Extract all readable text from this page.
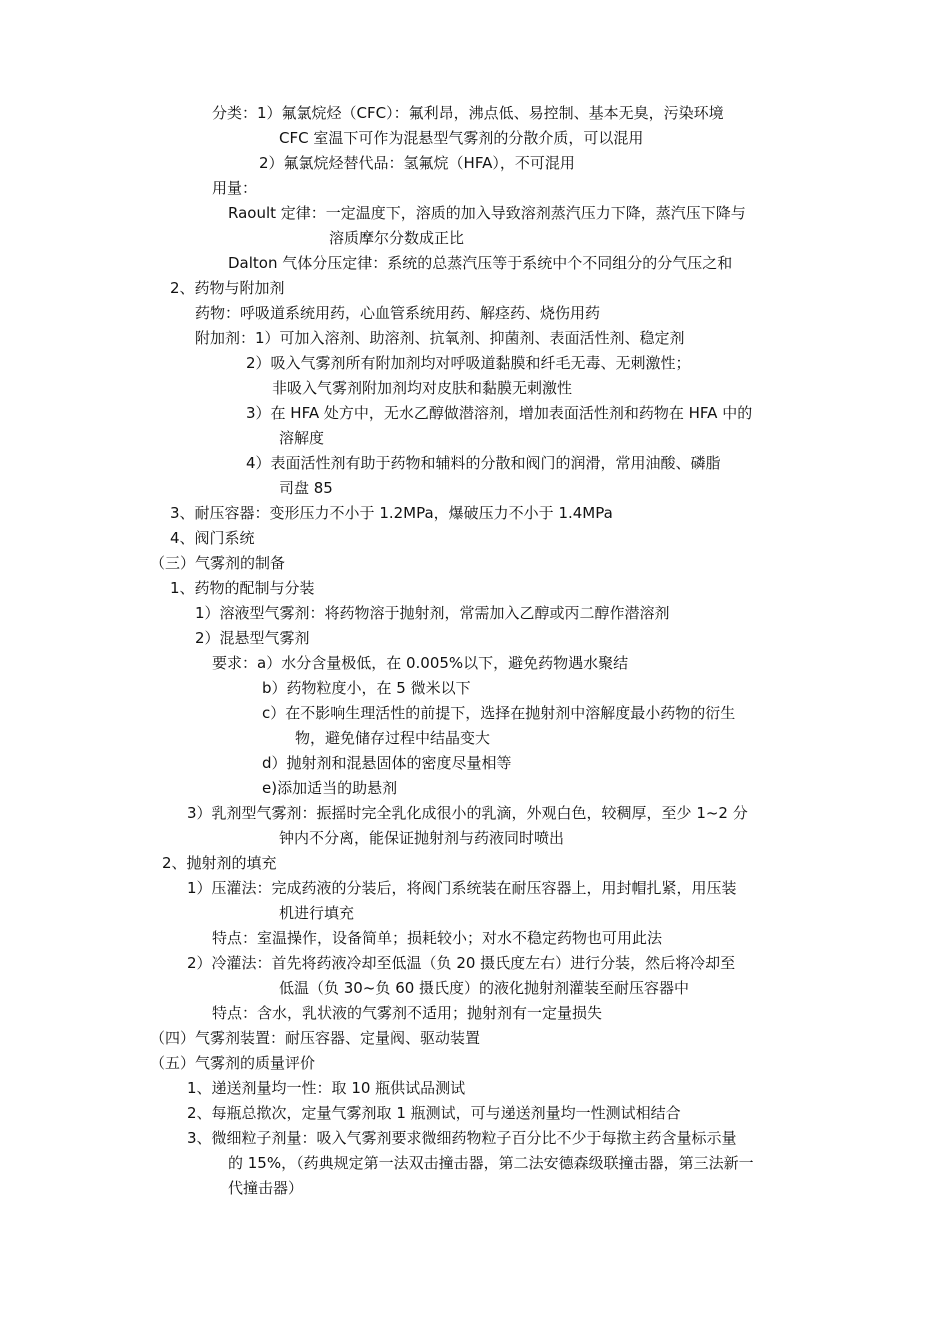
分类：1）氟氯烷烃（CFC）：氟利昂，沸点低、易控制、基本无臭，污染环境
CFC 室温下可作为混悬型气雾剂的分散介质，可以混用
2）氟氯烷烃替代品：氢氟烷（HFA），不可混用
用量：
Raoult 定律：一定温度下，溶质的加入导致溶剂蒸汽压力下降，蒸汽压下降与
溶质摩尔分数成正比
Dalton 气体分压定律：系统的总蒸汽压等于系统中个不同组分的分气压之和
2、药物与附加剂
药物：呼吸道系统用药，心血管系统用药、解痉药、烧伤用药
附加剂：1）可加入溶剂、助溶剂、抗氧剂、抑菌剂、表面活性剂、稳定剂
2）吸入气雾剂所有附加剂均对呼吸道黏膜和纤毛无毒、无刺激性；
非吸入气雾剂附加剂均对皮肤和黏膜无刺激性
3）在 HFA 处方中，无水乙醇做潜溶剂，增加表面活性剂和药物在 HFA 中的
溶解度
4）表面活性剂有助于药物和辅料的分散和阀门的润滑，常用油酸、磷脂
司盘 85
3、耐压容器：变形压力不小于 1.2MPa，爆破压力不小于 1.4MPa
4、阀门系统
（三）气雾剂的制备
1、药物的配制与分装
1）溶液型气雾剂：将药物溶于抛射剂，常需加入乙醇或丙二醇作潜溶剂
2）混悬型气雾剂
要求：a）水分含量极低，在 0.005%以下，避免药物遇水聚结
b）药物粒度小，在 5 微米以下
c）在不影响生理活性的前提下，选择在抛射剂中溶解度最小药物的衍生
物，避免储存过程中结晶变大
d）抛射剂和混悬固体的密度尽量相等
e)添加适当的助悬剂
3）乳剂型气雾剂：振摇时完全乳化成很小的乳滴，外观白色，较稠厚，至少 1~2 分
钟内不分离，能保证抛射剂与药液同时喷出
2、抛射剂的填充
1）压灌法：完成药液的分装后，将阀门系统装在耐压容器上，用封帽扎紧，用压装
机进行填充
特点：室温操作，设备简单；损耗较小；对水不稳定药物也可用此法
2）冷灌法：首先将药液冷却至低温（负 20 摄氏度左右）进行分装，然后将冷却至
低温（负 30~负 60 摄氏度）的液化抛射剂灌装至耐压容器中
特点：含水，乳状液的气雾剂不适用；抛射剂有一定量损失
（四）气雾剂装置：耐压容器、定量阀、驱动装置
（五）气雾剂的质量评价
1、递送剂量均一性：取 10 瓶供试品测试
2、每瓶总揿次，定量气雾剂取 1 瓶测试，可与递送剂量均一性测试相结合
3、微细粒子剂量：吸入气雾剂要求微细药物粒子百分比不少于每揿主药含量标示量
的 15%，（药典规定第一法双击撞击器，第二法安德森级联撞击器，第三法新一
代撞击器）
